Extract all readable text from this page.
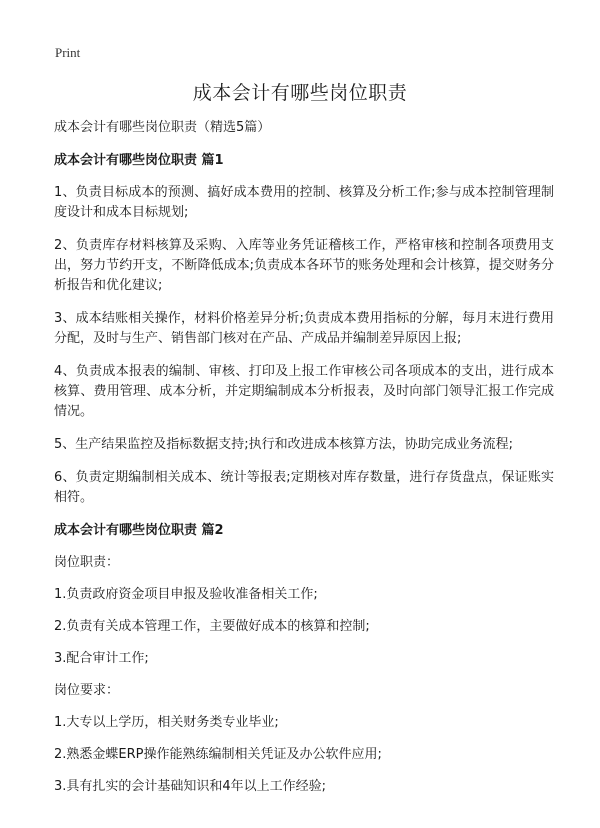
Print
成本会计有哪些岗位职责

成本会计有哪些岗位职责（精选5篇）

成本会计有哪些岗位职责 篇1

1、负责目标成本的预测、搞好成本费用的控制、核算及分析工作;参与成本控制管理制度设计和成本目标规划;

2、负责库存材料核算及采购、入库等业务凭证稽核工作，严格审核和控制各项费用支出，努力节约开支，不断降低成本;负责成本各环节的账务处理和会计核算，提交财务分析报告和优化建议;

3、成本结账相关操作，材料价格差异分析;负责成本费用指标的分解，每月末进行费用分配，及时与生产、销售部门核对在产品、产成品并编制差异原因上报;

4、负责成本报表的编制、审核、打印及上报工作审核公司各项成本的支出，进行成本核算、费用管理、成本分析，并定期编制成本分析报表，及时向部门领导汇报工作完成情况。

5、生产结果监控及指标数据支持;执行和改进成本核算方法，协助完成业务流程;

6、负责定期编制相关成本、统计等报表;定期核对库存数量，进行存货盘点，保证账实相符。

成本会计有哪些岗位职责 篇2

岗位职责：

1.负责政府资金项目申报及验收准备相关工作;

2.负责有关成本管理工作，主要做好成本的核算和控制;

3.配合审计工作;

岗位要求：

1.大专以上学历，相关财务类专业毕业;

2.熟悉金蝶ERP操作能熟练编制相关凭证及办公软件应用;

3.具有扎实的会计基础知识和4年以上工作经验;
